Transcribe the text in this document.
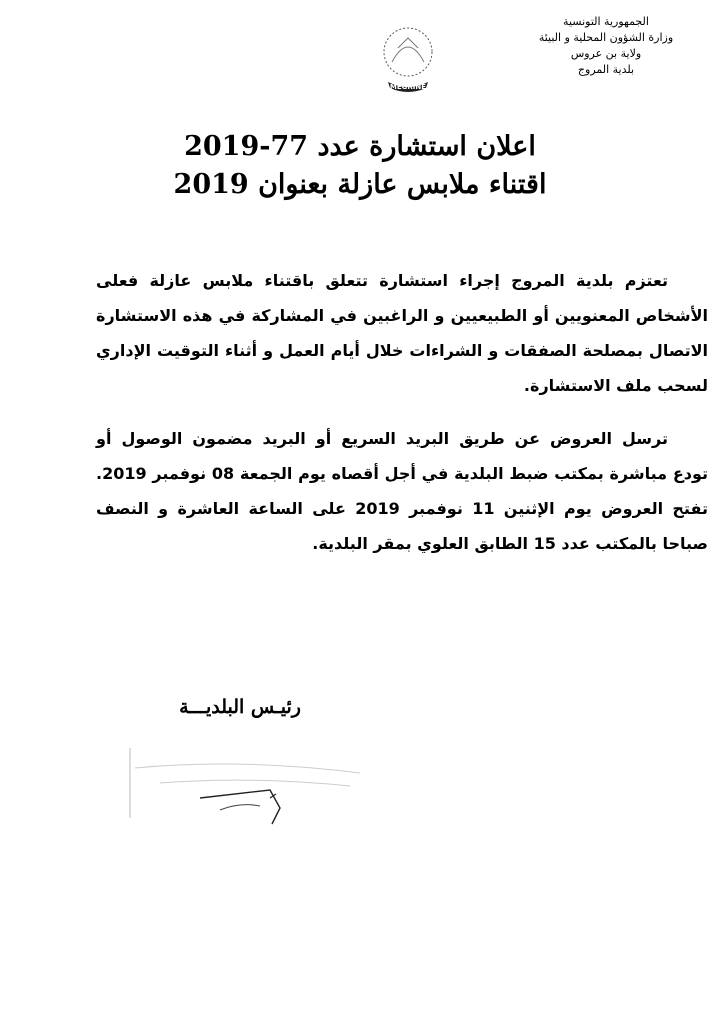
الجمهورية التونسية
وزارة الشؤون المحلية و البيئة
ولاية بن عروس
بلدية المروج
MEGRINE
اعلان استشارة عدد 77-2019
اقتناء ملابس عازلة بعنوان 2019

تعتزم بلدية المروج إجراء استشارة تتعلق باقتناء ملابس عازلة فعلى
الأشخاص المعنويين أو الطبيعيين و الراغبين في المشاركة في هذه الاستشارة
الاتصال بمصلحة الصفقات و الشراءات خلال أيام العمل و أثناء التوقيت الإداري
لسحب ملف الاستشارة.

ترسل العروض عن طريق البريد السريع أو البريد مضمون الوصول أو
تودع مباشرة بمكتب ضبط البلدية في أجل أقصاه يوم الجمعة 08 نوفمبر 2019.
تفتح العروض يوم الإثنين 11 نوفمبر 2019 على الساعة العاشرة و النصف
صباحا بالمكتب عدد 15 الطابق العلوي بمقر البلدية.

رئيـس البلديـــة
